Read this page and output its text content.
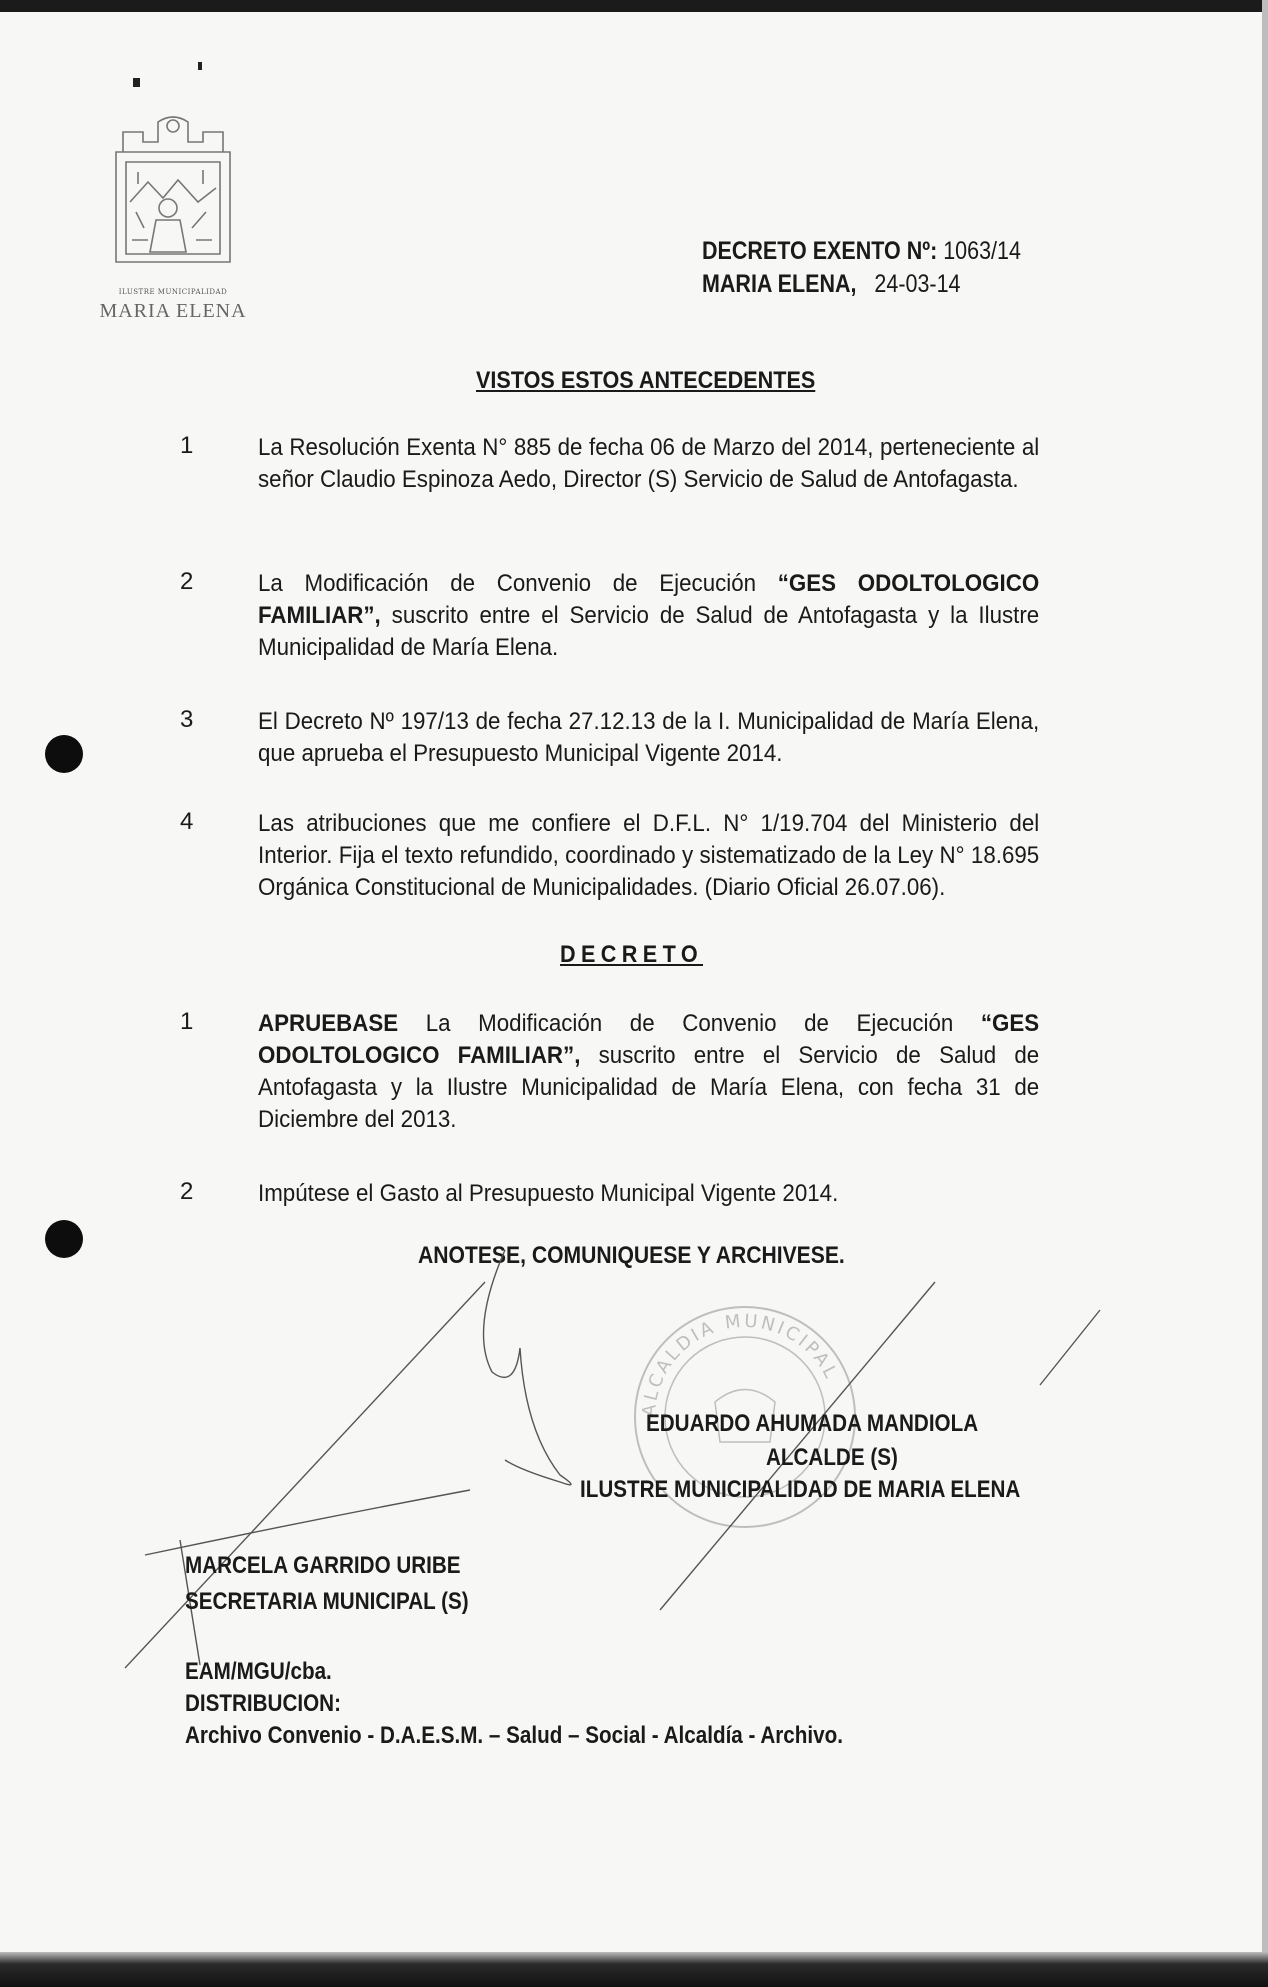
ILUSTRE MUNICIPALIDAD
MARIA ELENA
DECRETO EXENTO Nº: 1063/14
MARIA ELENA, 24-03-14
VISTOS ESTOS ANTECEDENTES
1	La Resolución Exenta N° 885 de fecha 06 de Marzo del 2014, perteneciente al señor Claudio Espinoza Aedo, Director (S) Servicio de Salud de Antofagasta.
2	La Modificación de Convenio de Ejecución “GES ODOLTOLOGICO FAMILIAR”, suscrito entre el Servicio de Salud de Antofagasta y la Ilustre Municipalidad de María Elena.
3	El Decreto Nº 197/13 de fecha 27.12.13 de la I. Municipalidad de María Elena, que aprueba el Presupuesto Municipal Vigente 2014.
4	Las atribuciones que me confiere el D.F.L. N° 1/19.704 del Ministerio del Interior. Fija el texto refundido, coordinado y sistematizado de la Ley N° 18.695 Orgánica Constitucional de Municipalidades. (Diario Oficial 26.07.06).
DECRETO
1	APRUEBASE La Modificación de Convenio de Ejecución “GES ODOLTOLOGICO FAMILIAR”, suscrito entre el Servicio de Salud de Antofagasta y la Ilustre Municipalidad de María Elena, con fecha 31 de Diciembre del 2013.
2	Impútese el Gasto al Presupuesto Municipal Vigente 2014.
ANOTESE, COMUNIQUESE Y ARCHIVESE.
ALCALDIA MUNICIPAL
EDUARDO AHUMADA MANDIOLA
ALCALDE (S)
ILUSTRE MUNICIPALIDAD DE MARIA ELENA
MARCELA GARRIDO URIBE
SECRETARIA MUNICIPAL (S)
EAM/MGU/cba.
DISTRIBUCION:
Archivo Convenio - D.A.E.S.M. – Salud – Social - Alcaldía - Archivo.
